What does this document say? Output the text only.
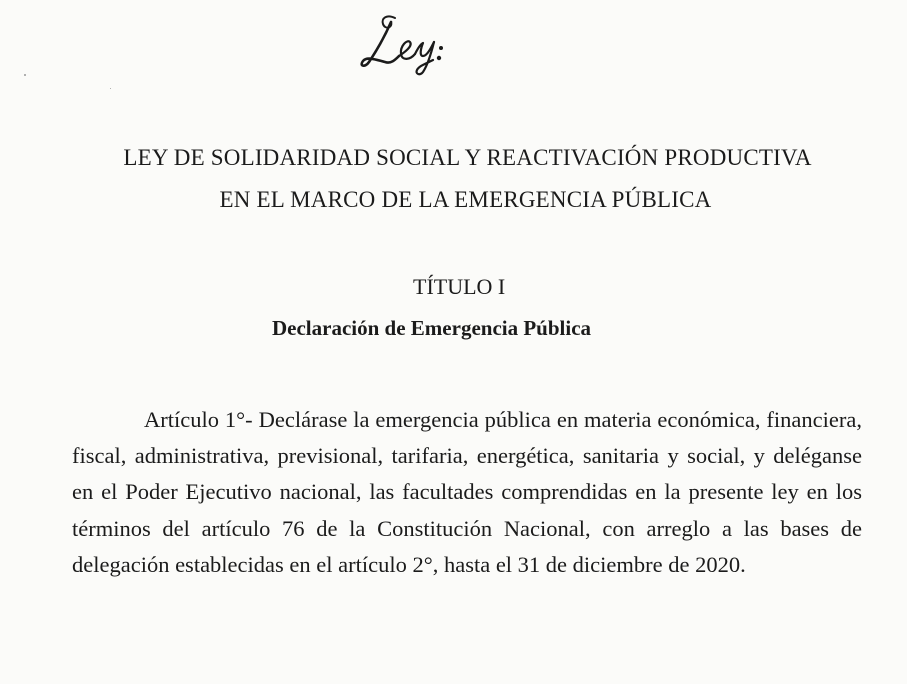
LEY DE SOLIDARIDAD SOCIAL Y REACTIVACIÓN PRODUCTIVA
EN EL MARCO DE LA EMERGENCIA PÚBLICA
TÍTULO I
Declaración de Emergencia Pública

Artículo 1°- Declárase la emergencia pública en materia económica, financiera, fiscal, administrativa, previsional, tarifaria, energética, sanitaria y social, y deléganse en el Poder Ejecutivo nacional, las facultades comprendidas en la presente ley en los términos del artículo 76 de la Constitución Nacional, con arreglo a las bases de delegación establecidas en el artículo 2°, hasta el 31 de diciembre de 2020.
